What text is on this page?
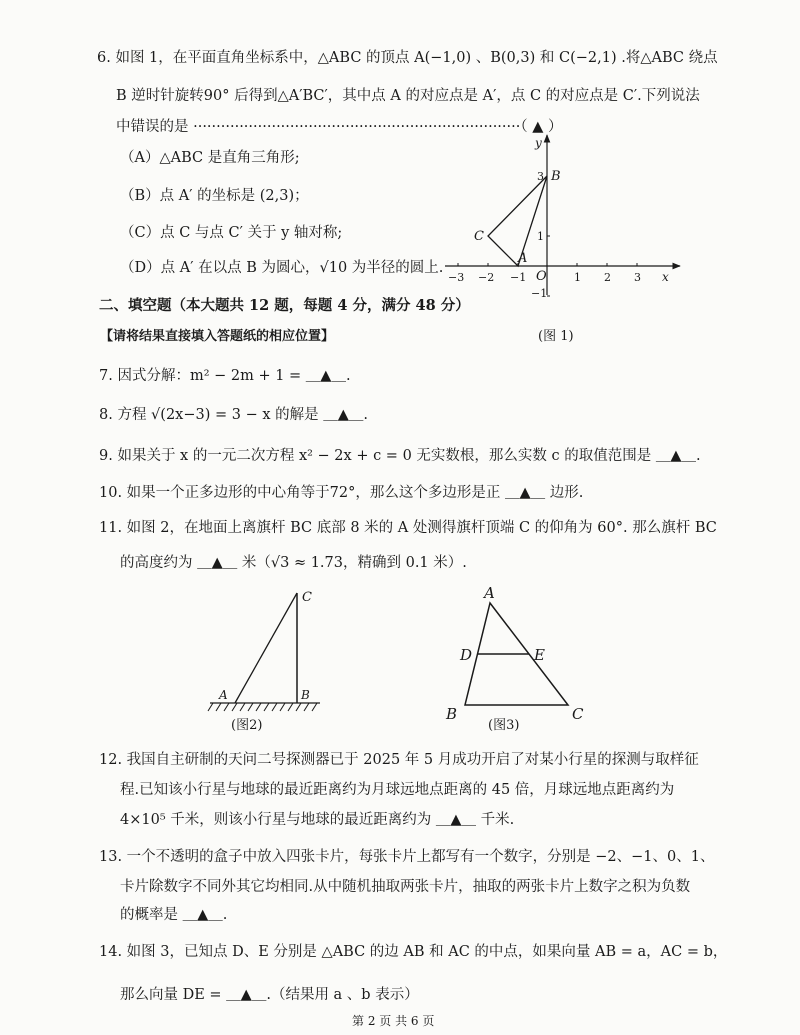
6. 如图 1，在平面直角坐标系中，△ABC 的顶点 A(−1,0) 、B(0,3) 和 C(−2,1) .将△ABC 绕点
B 逆时针旋转90° 后得到△A′BC′，其中点 A 的对应点是 A′，点 C 的对应点是 C′.下列说法
中错误的是 ·······································································（ ▲ ）
（A）△ABC 是直角三角形;
（B）点 A′ 的坐标是 (2,3)；
（C）点 C 与点 C′ 关于 y 轴对称;
（D）点 A′ 在以点 B 为圆心，√10 为半径的圆上.
−3 −2 −1	1 2 3 x
y
3
1
−1
O
A
B
C
(图 1)
二、填空题（本大题共 12 题，每题 4 分，满分 48 分）
【请将结果直接填入答题纸的相应位置】
7. 因式分解：m² − 2m + 1 = ＿▲＿.
8. 方程 √(2x−3) = 3 − x 的解是 ＿▲＿.
9. 如果关于 x 的一元二次方程 x² − 2x + c = 0 无实数根，那么实数 c 的取值范围是 ＿▲＿.
10. 如果一个正多边形的中心角等于72°，那么这个多边形是正 ＿▲＿ 边形.
11. 如图 2，在地面上离旗杆 BC 底部 8 米的 A 处测得旗杆顶端 C 的仰角为 60°. 那么旗杆 BC
的高度约为 ＿▲＿ 米（√3 ≈ 1.73，精确到 0.1 米）.
A	B
C
(图2)
A
B	C
D	E
(图3)
12. 我国自主研制的天问二号探测器已于 2025 年 5 月成功开启了对某小行星的探测与取样征
程.已知该小行星与地球的最近距离约为月球远地点距离的 45 倍，月球远地点距离约为
4×10⁵ 千米，则该小行星与地球的最近距离约为 ＿▲＿ 千米.
13. 一个不透明的盒子中放入四张卡片，每张卡片上都写有一个数字，分别是 −2、−1、0、1、
卡片除数字不同外其它均相同.从中随机抽取两张卡片，抽取的两张卡片上数字之积为负数
的概率是 ＿▲＿.
14. 如图 3，已知点 D、E 分别是 △ABC 的边 AB 和 AC 的中点，如果向量 AB = a，AC = b，
那么向量 DE = ＿▲＿.（结果用 a 、b 表示）
第 2 页 共 6 页
